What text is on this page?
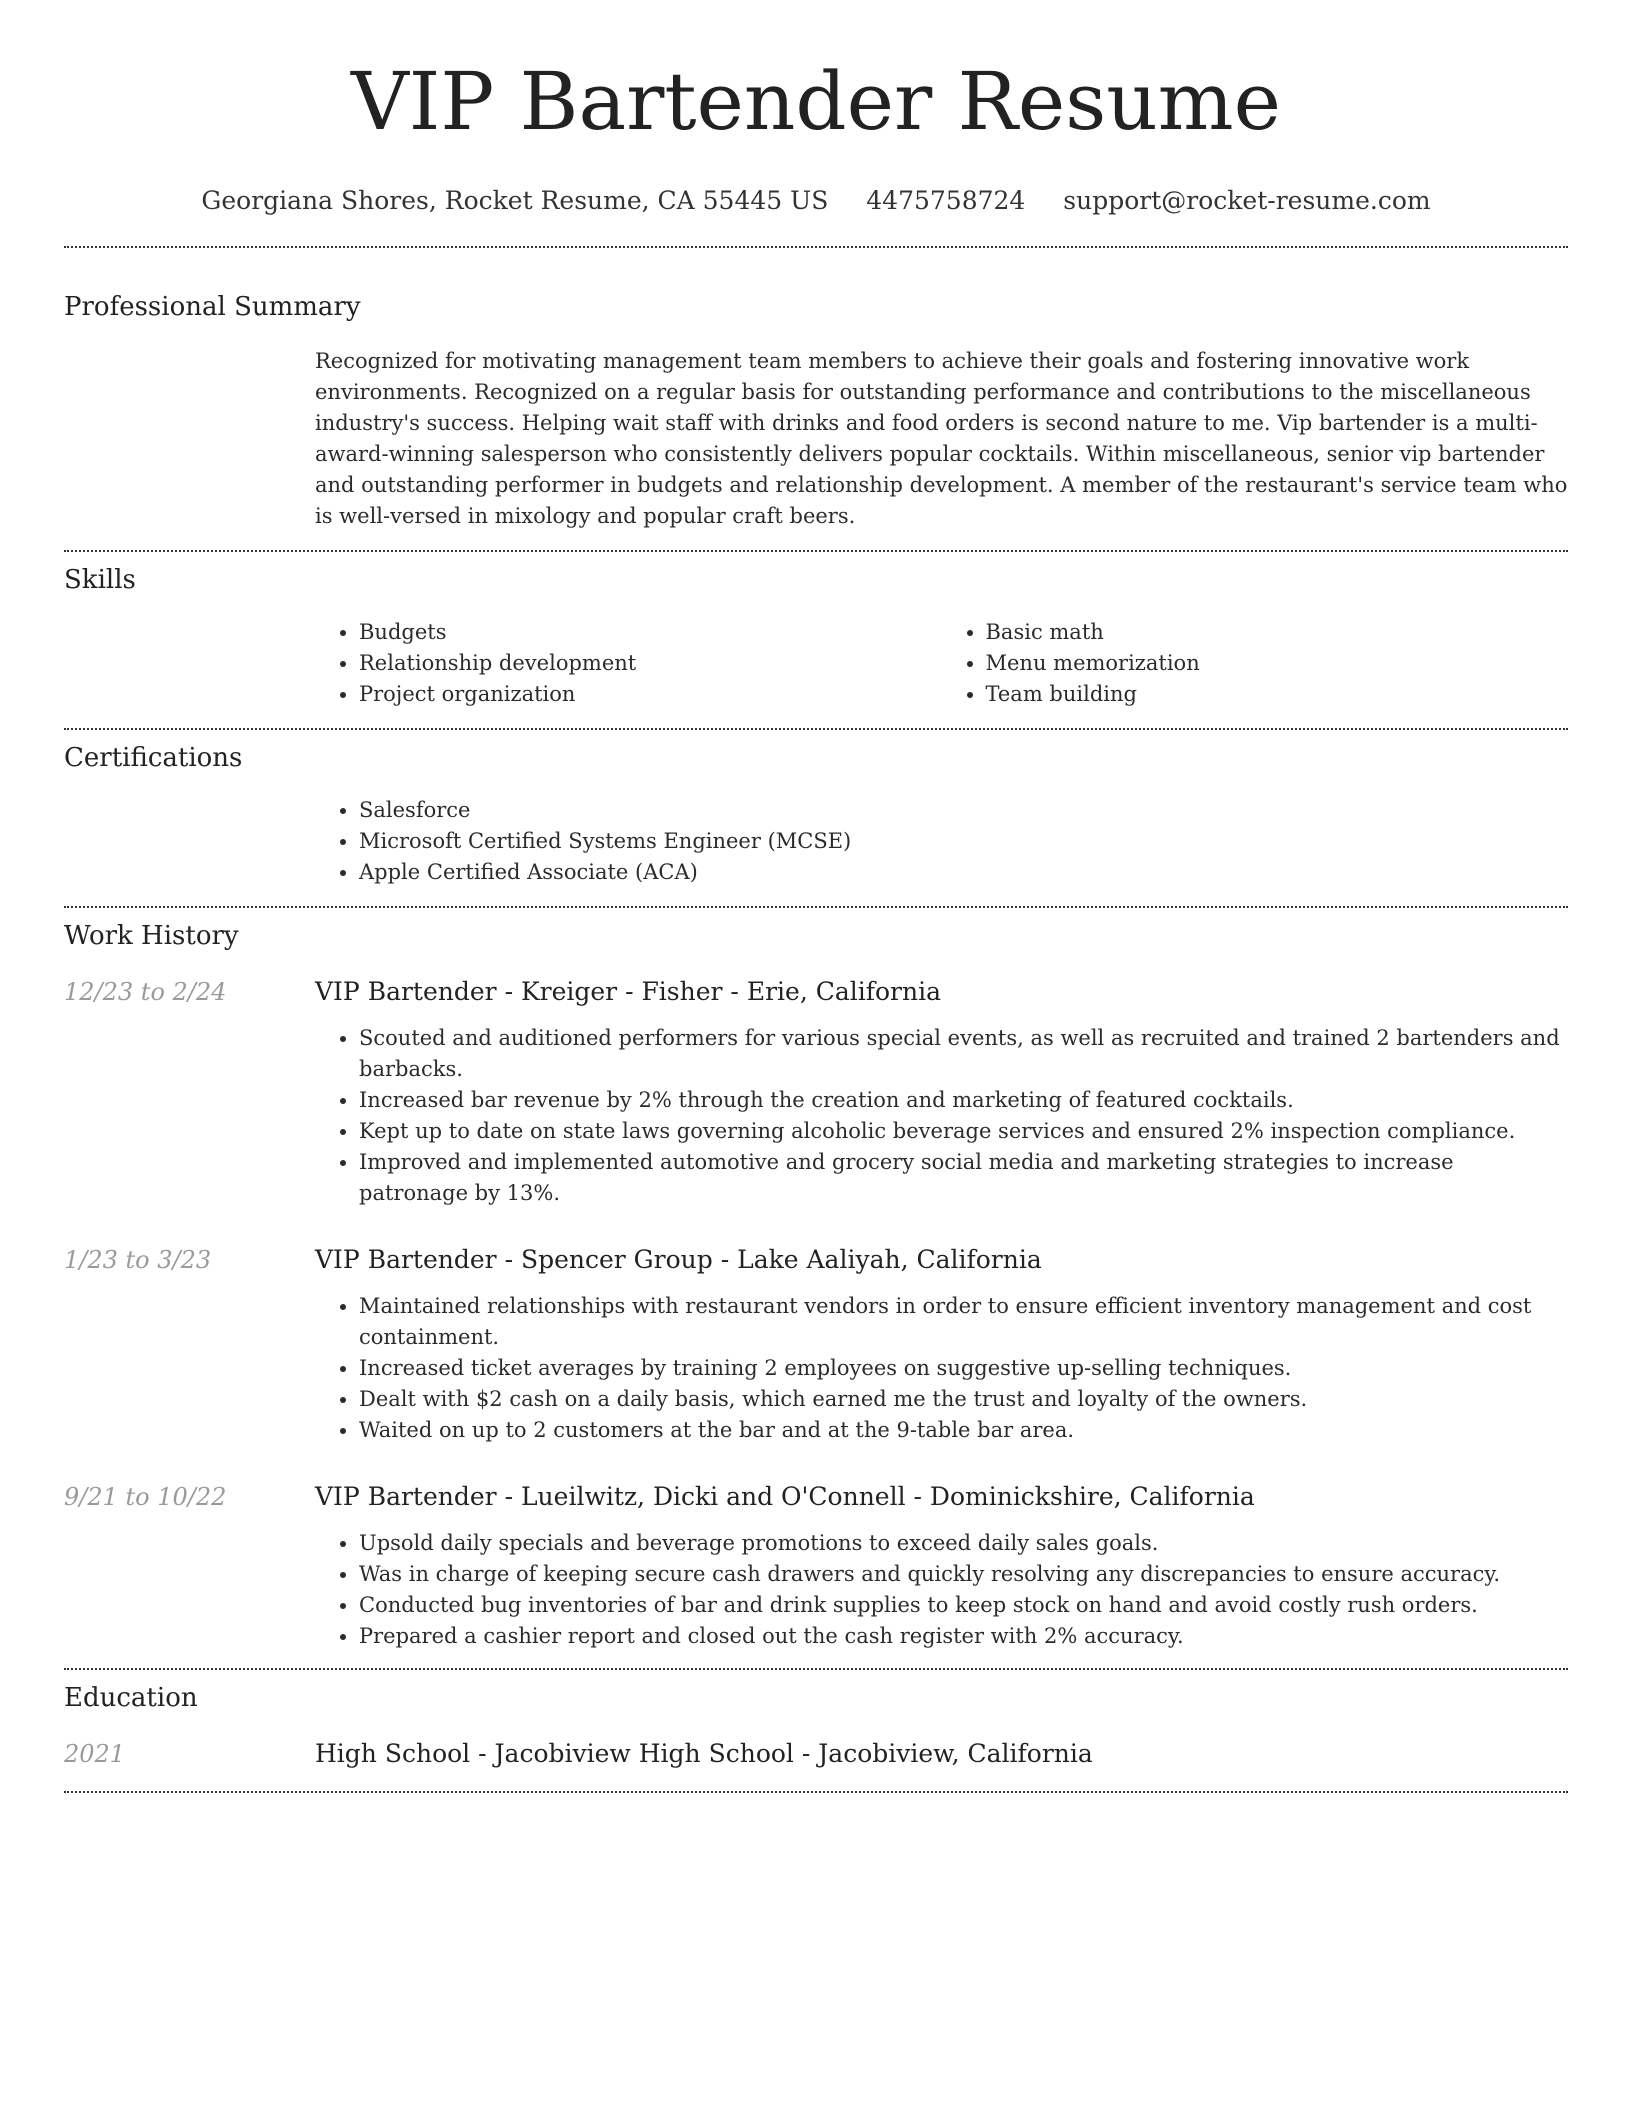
VIP Bartender Resume
Georgiana Shores, Rocket Resume, CA 55445 US 4475758724 support@rocket-resume.com
Professional Summary

Recognized for motivating management team members to achieve their goals and fostering innovative work environments. Recognized on a regular basis for outstanding performance and contributions to the miscellaneous industry's success. Helping wait staff with drinks and food orders is second nature to me. Vip bartender is a multi-award-winning salesperson who consistently delivers popular cocktails. Within miscellaneous, senior vip bartender and outstanding performer in budgets and relationship development. A member of the restaurant's service team who is well-versed in mixology and popular craft beers.

Skills
• Budgets
• Relationship development
• Project organization
• Basic math
• Menu memorization
• Team building
Certifications
• Salesforce
• Microsoft Certified Systems Engineer (MCSE)
• Apple Certified Associate (ACA)
Work History
12/23 to 2/24	VIP Bartender - Kreiger - Fisher - Erie, California

• Scouted and auditioned performers for various special events, as well as recruited and trained 2 bartenders and barbacks.
• Increased bar revenue by 2% through the creation and marketing of featured cocktails.
• Kept up to date on state laws governing alcoholic beverage services and ensured 2% inspection compliance.
• Improved and implemented automotive and grocery social media and marketing strategies to increase patronage by 13%.
1/23 to 3/23	VIP Bartender - Spencer Group - Lake Aaliyah, California

• Maintained relationships with restaurant vendors in order to ensure efficient inventory management and cost containment.
• Increased ticket averages by training 2 employees on suggestive up-selling techniques.
• Dealt with $2 cash on a daily basis, which earned me the trust and loyalty of the owners.
• Waited on up to 2 customers at the bar and at the 9-table bar area.
9/21 to 10/22	VIP Bartender - Lueilwitz, Dicki and O'Connell - Dominickshire, California

• Upsold daily specials and beverage promotions to exceed daily sales goals.
• Was in charge of keeping secure cash drawers and quickly resolving any discrepancies to ensure accuracy.
• Conducted bug inventories of bar and drink supplies to keep stock on hand and avoid costly rush orders.
• Prepared a cashier report and closed out the cash register with 2% accuracy.
Education
2021	High School - Jacobiview High School - Jacobiview, California
